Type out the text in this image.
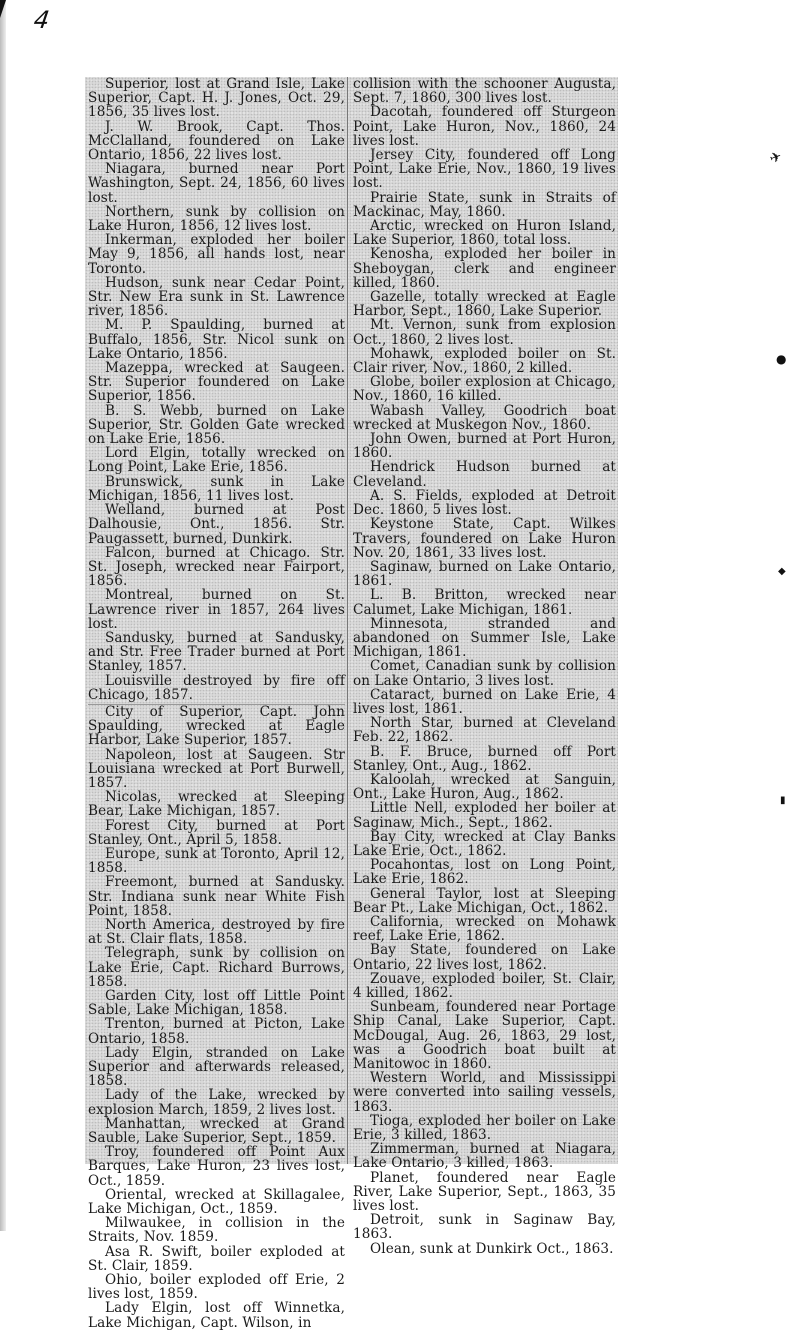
4

Superior, lost at Grand Isle, Lake Superior, Capt. H. J. Jones, Oct. 29, 1856, 35 lives lost.

J. W. Brook, Capt. Thos. McClalland, foundered on Lake Ontario, 1856, 22 lives lost.

Niagara, burned near Port Washington, Sept. 24, 1856, 60 lives lost.

Northern, sunk by collision on Lake Huron, 1856, 12 lives lost.

Inkerman, exploded her boiler May 9, 1856, all hands lost, near Toronto.

Hudson, sunk near Cedar Point, Str. New Era sunk in St. Lawrence river, 1856.

M. P. Spaulding, burned at Buffalo, 1856, Str. Nicol sunk on Lake Ontario, 1856.

Mazeppa, wrecked at Saugeen. Str. Superior foundered on Lake Superior, 1856.

B. S. Webb, burned on Lake Superior, Str. Golden Gate wrecked on Lake Erie, 1856.

Lord Elgin, totally wrecked on Long Point, Lake Erie, 1856.

Brunswick, sunk in Lake Michigan, 1856, 11 lives lost.

Welland, burned at Post Dalhousie, Ont., 1856. Str. Paugassett, burned, Dunkirk.

Falcon, burned at Chicago. Str. St. Joseph, wrecked near Fairport, 1856.

Montreal, burned on St. Lawrence river in 1857, 264 lives lost.

Sandusky, burned at Sandusky, and Str. Free Trader burned at Port Stanley, 1857.

Louisville destroyed by fire off Chicago, 1857.

City of Superior, Capt. John Spaulding, wrecked at Eagle Harbor, Lake Superior, 1857.

Napoleon, lost at Saugeen. Str Louisiana wrecked at Port Burwell, 1857.

Nicolas, wrecked at Sleeping Bear, Lake Michigan, 1857.

Forest City, burned at Port Stanley, Ont., April 5, 1858.

Europe, sunk at Toronto, April 12, 1858.

Freemont, burned at Sandusky. Str. Indiana sunk near White Fish Point, 1858.

North America, destroyed by fire at St. Clair flats, 1858.

Telegraph, sunk by collision on Lake Erie, Capt. Richard Burrows, 1858.

Garden City, lost off Little Point Sable, Lake Michigan, 1858.

Trenton, burned at Picton, Lake Ontario, 1858.

Lady Elgin, stranded on Lake Superior and afterwards released, 1858.

Lady of the Lake, wrecked by explosion March, 1859, 2 lives lost.

Manhattan, wrecked at Grand Sauble, Lake Superior, Sept., 1859.

Troy, foundered off Point Aux Barques, Lake Huron, 23 lives lost, Oct., 1859.

Oriental, wrecked at Skillagalee, Lake Michigan, Oct., 1859.

Milwaukee, in collision in the Straits, Nov. 1859.

Asa R. Swift, boiler exploded at St. Clair, 1859.

Ohio, boiler exploded off Erie, 2 lives lost, 1859.

Lady Elgin, lost off Winnetka, Lake Michigan, Capt. Wilson, in

collision with the schooner Augusta, Sept. 7, 1860, 300 lives lost.

Dacotah, foundered off Sturgeon Point, Lake Huron, Nov., 1860, 24 lives lost.

Jersey City, foundered off Long Point, Lake Erie, Nov., 1860, 19 lives lost.

Prairie State, sunk in Straits of Mackinac, May, 1860.

Arctic, wrecked on Huron Island, Lake Superior, 1860, total loss.

Kenosha, exploded her boiler in Sheboygan, clerk and engineer killed, 1860.

Gazelle, totally wrecked at Eagle Harbor, Sept., 1860, Lake Superior.

Mt. Vernon, sunk from explosion Oct., 1860, 2 lives lost.

Mohawk, exploded boiler on St. Clair river, Nov., 1860, 2 killed.

Globe, boiler explosion at Chicago, Nov., 1860, 16 killed.

Wabash Valley, Goodrich boat wrecked at Muskegon Nov., 1860.

John Owen, burned at Port Huron, 1860.

Hendrick Hudson burned at Cleveland.

A. S. Fields, exploded at Detroit Dec. 1860, 5 lives lost.

Keystone State, Capt. Wilkes Travers, foundered on Lake Huron Nov. 20, 1861, 33 lives lost.

Saginaw, burned on Lake Ontario, 1861.

L. B. Britton, wrecked near Calumet, Lake Michigan, 1861.

Minnesota, stranded and abandoned on Summer Isle, Lake Michigan, 1861.

Comet, Canadian sunk by collision on Lake Ontario, 3 lives lost.

Cataract, burned on Lake Erie, 4 lives lost, 1861.

North Star, burned at Cleveland Feb. 22, 1862.

B. F. Bruce, burned off Port Stanley, Ont., Aug., 1862.

Kaloolah, wrecked at Sanguin, Ont., Lake Huron, Aug., 1862.

Little Nell, exploded her boiler at Saginaw, Mich., Sept., 1862.

Bay City, wrecked at Clay Banks Lake Erie, Oct., 1862.

Pocahontas, lost on Long Point, Lake Erie, 1862.

General Taylor, lost at Sleeping Bear Pt., Lake Michigan, Oct., 1862.

California, wrecked on Mohawk reef, Lake Erie, 1862.

Bay State, foundered on Lake Ontario, 22 lives lost, 1862.

Zouave, exploded boiler, St. Clair, 4 killed, 1862.

Sunbeam, foundered near Portage Ship Canal, Lake Superior, Capt. McDougal, Aug. 26, 1863, 29 lost, was a Goodrich boat built at Manitowoc in 1860.

Western World, and Mississippi were converted into sailing vessels, 1863.

Tioga, exploded her boiler on Lake Erie, 3 killed, 1863.

Zimmerman, burned at Niagara, Lake Ontario, 3 killed, 1863.

Planet, foundered near Eagle River, Lake Superior, Sept., 1863, 35 lives lost.

Detroit, sunk in Saginaw Bay, 1863.

Olean, sunk at Dunkirk Oct., 1863.

✈
●
◆
▮
